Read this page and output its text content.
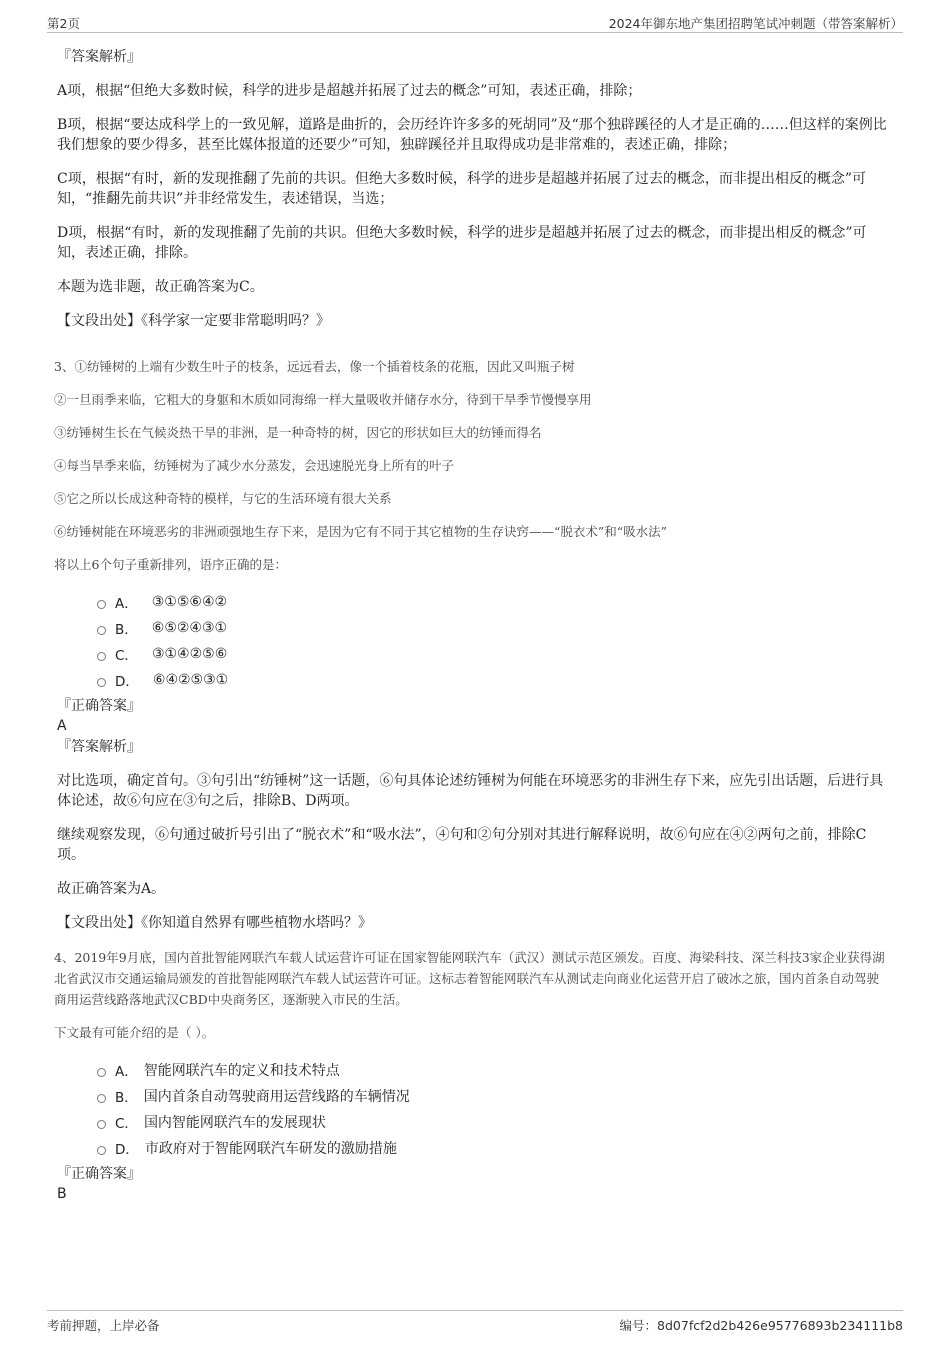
第2页	2024年御东地产集团招聘笔试冲刺题（带答案解析）
『答案解析』
A项，根据“但绝大多数时候，科学的进步是超越并拓展了过去的概念”可知，表述正确，排除；
B项，根据“要达成科学上的一致见解，道路是曲折的，会历经许许多多的死胡同”及“那个独辟蹊径的人才是正确的……但这样的案例比我们想象的要少得多，甚至比媒体报道的还要少”可知，独辟蹊径并且取得成功是非常难的，表述正确，排除；
C项，根据“有时，新的发现推翻了先前的共识。但绝大多数时候，科学的进步是超越并拓展了过去的概念，而非提出相反的概念”可知，“推翻先前共识”并非经常发生，表述错误，当选；
D项，根据“有时，新的发现推翻了先前的共识。但绝大多数时候，科学的进步是超越并拓展了过去的概念，而非提出相反的概念”可知，表述正确，排除。
本题为选非题，故正确答案为C。
【文段出处】《科学家一定要非常聪明吗？》
3、①纺锤树的上端有少数生叶子的枝条，远远看去，像一个插着枝条的花瓶，因此又叫瓶子树
②一旦雨季来临，它粗大的身躯和木质如同海绵一样大量吸收并储存水分，待到干旱季节慢慢享用
③纺锤树生长在气候炎热干旱的非洲，是一种奇特的树，因它的形状如巨大的纺锤而得名
④每当旱季来临，纺锤树为了减少水分蒸发，会迅速脱光身上所有的叶子
⑤它之所以长成这种奇特的模样，与它的生活环境有很大关系
⑥纺锤树能在环境恶劣的非洲顽强地生存下来，是因为它有不同于其它植物的生存诀窍——“脱衣术”和“吸水法”
将以上6个句子重新排列，语序正确的是：
A． ③①⑤⑥④②
B． ⑥⑤②④③①
C． ③①④②⑤⑥
D． ⑥④②⑤③①
『正确答案』
A
『答案解析』
对比选项，确定首句。③句引出“纺锤树”这一话题，⑥句具体论述纺锤树为何能在环境恶劣的非洲生存下来，应先引出话题，后进行具体论述，故⑥句应在③句之后，排除B、D两项。
继续观察发现，⑥句通过破折号引出了“脱衣术”和“吸水法”，④句和②句分别对其进行解释说明，故⑥句应在④②两句之前，排除C项。
故正确答案为A。
【文段出处】《你知道自然界有哪些植物水塔吗？》
4、2019年9月底，国内首批智能网联汽车载人试运营许可证在国家智能网联汽车（武汉）测试示范区颁发。百度、海梁科技、深兰科技3家企业获得湖北省武汉市交通运输局颁发的首批智能网联汽车载人试运营许可证。这标志着智能网联汽车从测试走向商业化运营开启了破冰之旅，国内首条自动驾驶商用运营线路落地武汉CBD中央商务区，逐渐驶入市民的生活。
下文最有可能介绍的是（ ）。
A． 智能网联汽车的定义和技术特点
B． 国内首条自动驾驶商用运营线路的车辆情况
C． 国内智能网联汽车的发展现状
D． 市政府对于智能网联汽车研发的激励措施
『正确答案』
B
考前押题，上岸必备	编号：8d07fcf2d2b426e95776893b234111b8
